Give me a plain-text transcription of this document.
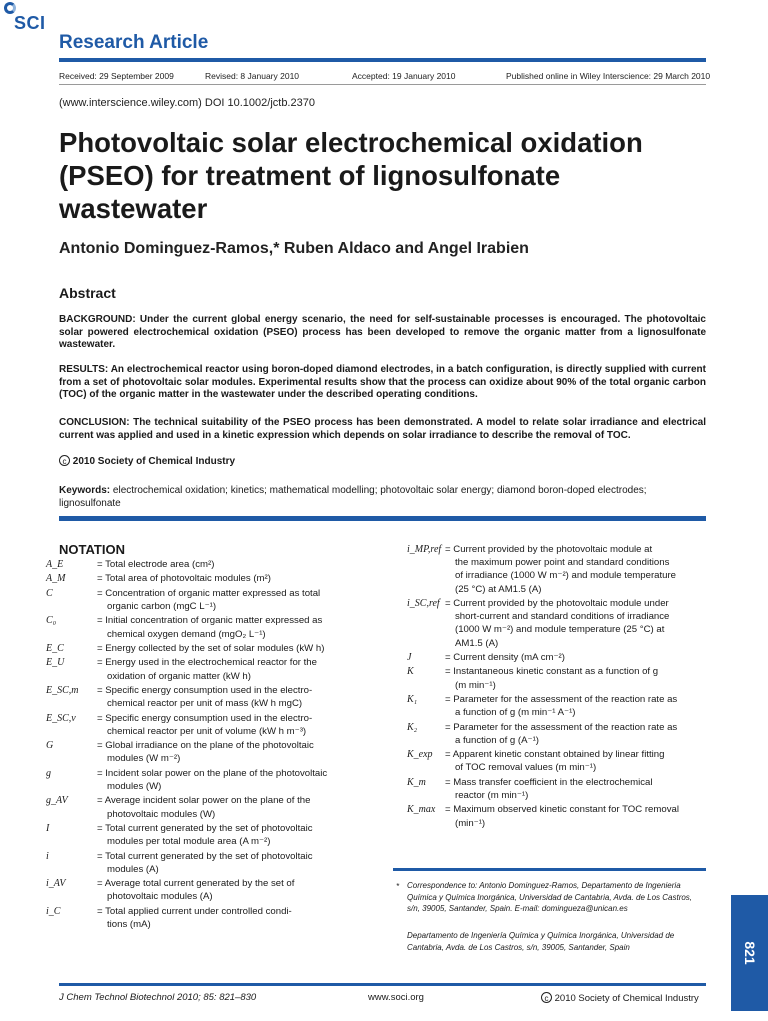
Research Article
SCI
Received: 29 September 2009	Revised: 8 January 2010	Accepted: 19 January 2010	Published online in Wiley Interscience: 29 March 2010
(www.interscience.wiley.com) DOI 10.1002/jctb.2370
Photovoltaic solar electrochemical oxidation
(PSEO) for treatment of lignosulfonate
wastewater
Antonio Dominguez-Ramos,* Ruben Aldaco and Angel Irabien
Abstract
BACKGROUND: Under the current global energy scenario, the need for self-sustainable processes is encouraged. The photovoltaic solar powered electrochemical oxidation (PSEO) process has been developed to remove the organic matter from a lignosulfonate wastewater.
RESULTS: An electrochemical reactor using boron-doped diamond electrodes, in a batch configuration, is directly supplied with current from a set of photovoltaic solar modules. Experimental results show that the process can oxidize about 90% of the total organic carbon (TOC) of the organic matter in the wastewater under the described operating conditions.
CONCLUSION: The technical suitability of the PSEO process has been demonstrated. A model to relate solar irradiance and electrical current was applied and used in a kinetic expression which depends on solar irradiance to describe the removal of TOC.
c 2010 Society of Chemical Industry
Keywords: electrochemical oxidation; kinetics; mathematical modelling; photovoltaic solar energy; diamond boron-doped electrodes; lignosulfonate
NOTATION
A_E	= Total electrode area (cm²)
A_M	= Total area of photovoltaic modules (m²)
C	= Concentration of organic matter expressed as total
organic carbon (mgC L⁻¹)
C₀	= Initial concentration of organic matter expressed as
chemical oxygen demand (mgO₂ L⁻¹)
E_C	= Energy collected by the set of solar modules (kW h)
E_U	= Energy used in the electrochemical reactor for the
oxidation of organic matter (kW h)
E_SC,m = Specific energy consumption used in the electro-
chemical reactor per unit of mass (kW h mgC)
E_SC,v = Specific energy consumption used in the electro-
chemical reactor per unit of volume (kW h m⁻³)
G	= Global irradiance on the plane of the photovoltaic
modules (W m⁻²)
g	= Incident solar power on the plane of the photovoltaic
modules (W)
g_AV	= Average incident solar power on the plane of the
photovoltaic modules (W)
I	= Total current generated by the set of photovoltaic
modules per total module area (A m⁻²)
i	= Total current generated by the set of photovoltaic
modules (A)
i_AV	= Average total current generated by the set of
photovoltaic modules (A)
i_C	= Total applied current under controlled condi-
tions (mA)
i_MP,ref = Current provided by the photovoltaic module at
the maximum power point and standard conditions
of irradiance (1000 W m⁻²) and module temperature
(25 °C) at AM1.5 (A)
i_SC,ref = Current provided by the photovoltaic module under
short-current and standard conditions of irradiance
(1000 W m⁻²) and module temperature (25 °C) at
AM1.5 (A)
J	= Current density (mA cm⁻²)
K	= Instantaneous kinetic constant as a function of g
(m min⁻¹)
K₁	= Parameter for the assessment of the reaction rate as
a function of g (m min⁻¹ A⁻¹)
K₂	= Parameter for the assessment of the reaction rate as
a function of g (A⁻¹)
K_exp = Apparent kinetic constant obtained by linear fitting
of TOC removal values (m min⁻¹)
K_m = Mass transfer coefficient in the electrochemical
reactor (m min⁻¹)
K_max = Maximum observed kinetic constant for TOC removal
(min⁻¹)
* Correspondence to: Antonio Dominguez-Ramos, Departamento de Ingenieria Química y Química Inorgánica, Universidad de Cantabria, Avda. de Los Castros, s/n, 39005, Santander, Spain. E-mail: domingueza@unican.es
Departamento de Ingeniería Química y Química Inorgánica, Universidad de Cantabria, Avda. de Los Castros, s/n, 39005, Santander, Spain
J Chem Technol Biotechnol 2010; 85: 821–830	www.soci.org	c 2010 Society of Chemical Industry
821
